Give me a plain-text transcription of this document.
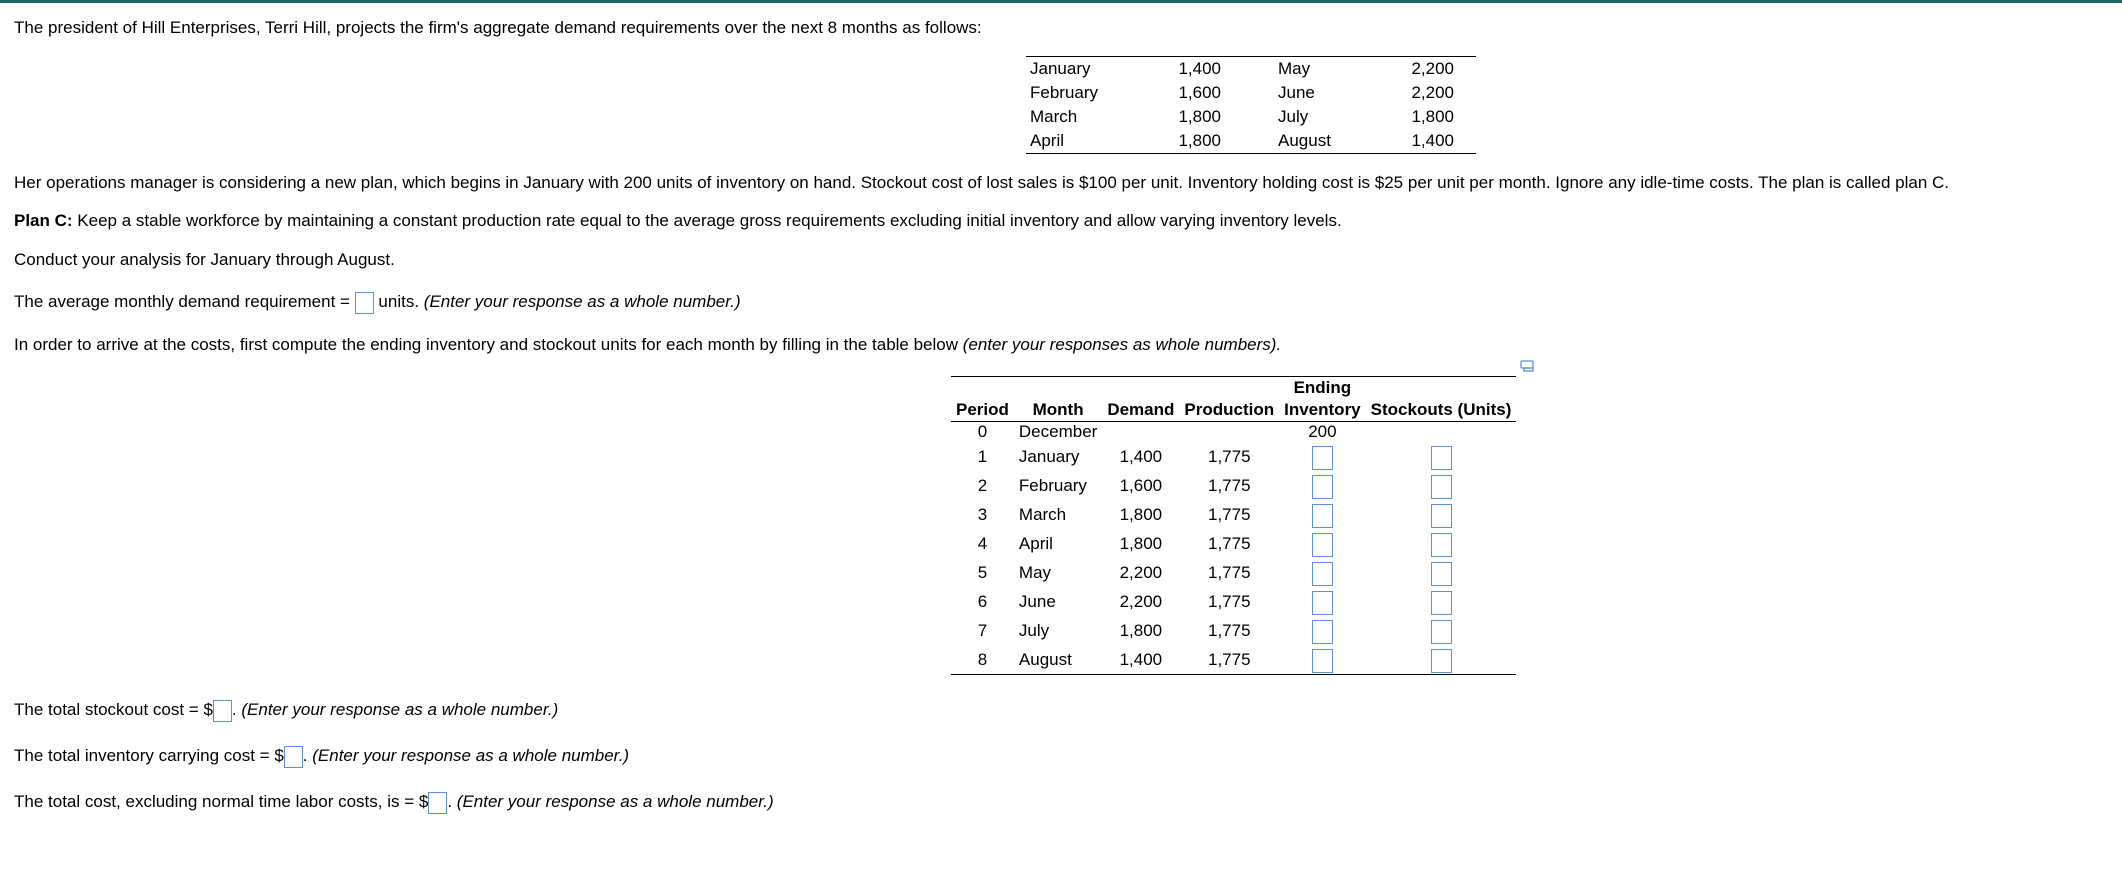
The president of Hill Enterprises, Terri Hill, projects the firm's aggregate demand requirements over the next 8 months as follows:
January	1,400	May	2,200
February	1,600	June	2,200
March	1,800	July	1,800
April	1,800	August	1,400
Her operations manager is considering a new plan, which begins in January with 200 units of inventory on hand. Stockout cost of lost sales is $100 per unit. Inventory holding cost is $25 per unit per month. Ignore any idle-time costs. The plan is called plan C.
Plan C: Keep a stable workforce by maintaining a constant production rate equal to the average gross requirements excluding initial inventory and allow varying inventory levels.
Conduct your analysis for January through August.
The average monthly demand requirement =  units. (Enter your response as a whole number.)
In order to arrive at the costs, first compute the ending inventory and stockout units for each month by filling in the table below (enter your responses as whole numbers).
				Ending	
Period	Month	Demand	Production	Inventory	Stockouts (Units)
0	December			200	
1	January	1,400	1,775		
2	February	1,600	1,775		
3	March	1,800	1,775		
4	April	1,800	1,775		
5	May	2,200	1,775		
6	June	2,200	1,775		
7	July	1,800	1,775		
8	August	1,400	1,775		
The total stockout cost = $ . (Enter your response as a whole number.)
The total inventory carrying cost = $ . (Enter your response as a whole number.)
The total cost, excluding normal time labor costs, is = $ . (Enter your response as a whole number.)
